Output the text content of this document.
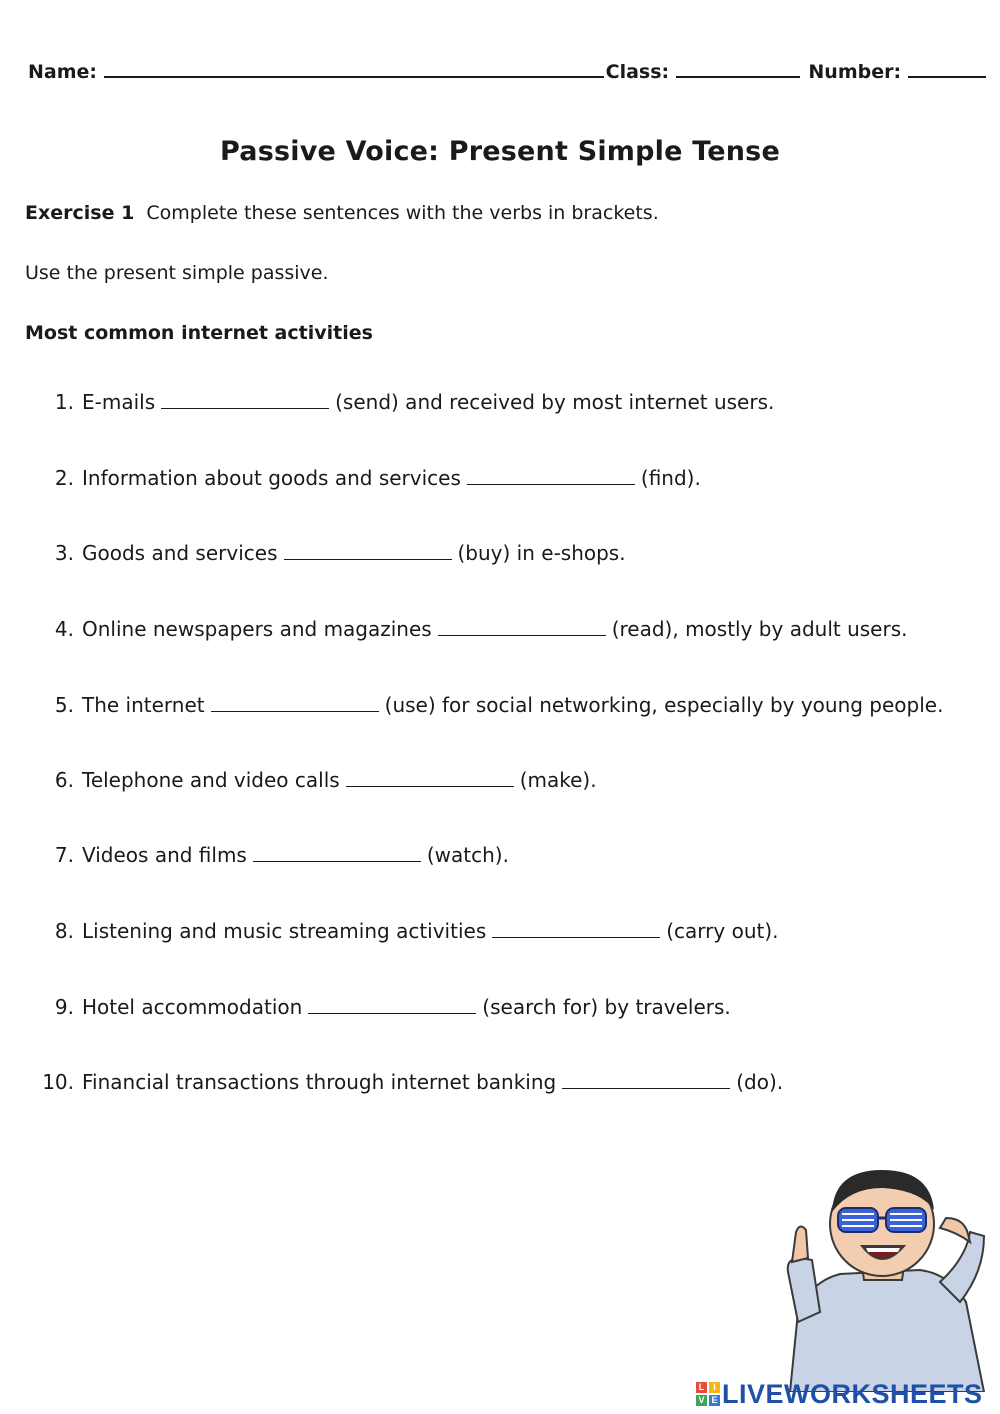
Name:	Class:	Number:
Passive Voice: Present Simple Tense
Exercise 1 Complete these sentences with the verbs in brackets.
Use the present simple passive.
Most common internet activities
1. E-mails	(send) and received by most internet users.
2. Information about goods and services	(find).
3. Goods and services	(buy) in e-shops.
4. Online newspapers and magazines	(read), mostly by adult users.
5. The internet	(use) for social networking, especially by young people.
6. Telephone and video calls	(make).
7. Videos and films	(watch).
8. Listening and music streaming activities	(carry out).
9. Hotel accommodation	(search for) by travelers.
10. Financial transactions through internet banking	(do).
L I
V E LIVEWORKSHEETS
